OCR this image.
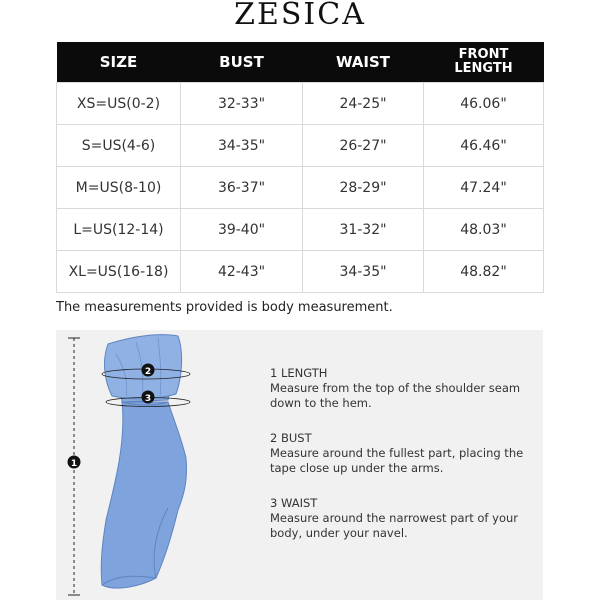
ZESICA
SIZE	BUST	WAIST	FRONT LENGTH
XS=US(0-2)	32-33"	24-25"	46.06"
S=US(4-6)	34-35"	26-27"	46.46"
M=US(8-10)	36-37"	28-29"	47.24"
L=US(12-14)	39-40"	31-32"	48.03"
XL=US(16-18)	42-43"	34-35"	48.82"
The measurements provided is body measurement.
1
2
3
1 LENGTH
Measure from the top of the shoulder seam down to the hem.
2 BUST
Measure around the fullest part, placing the tape close up under the arms.
3 WAIST
Measure around the narrowest part of your body, under your navel.
